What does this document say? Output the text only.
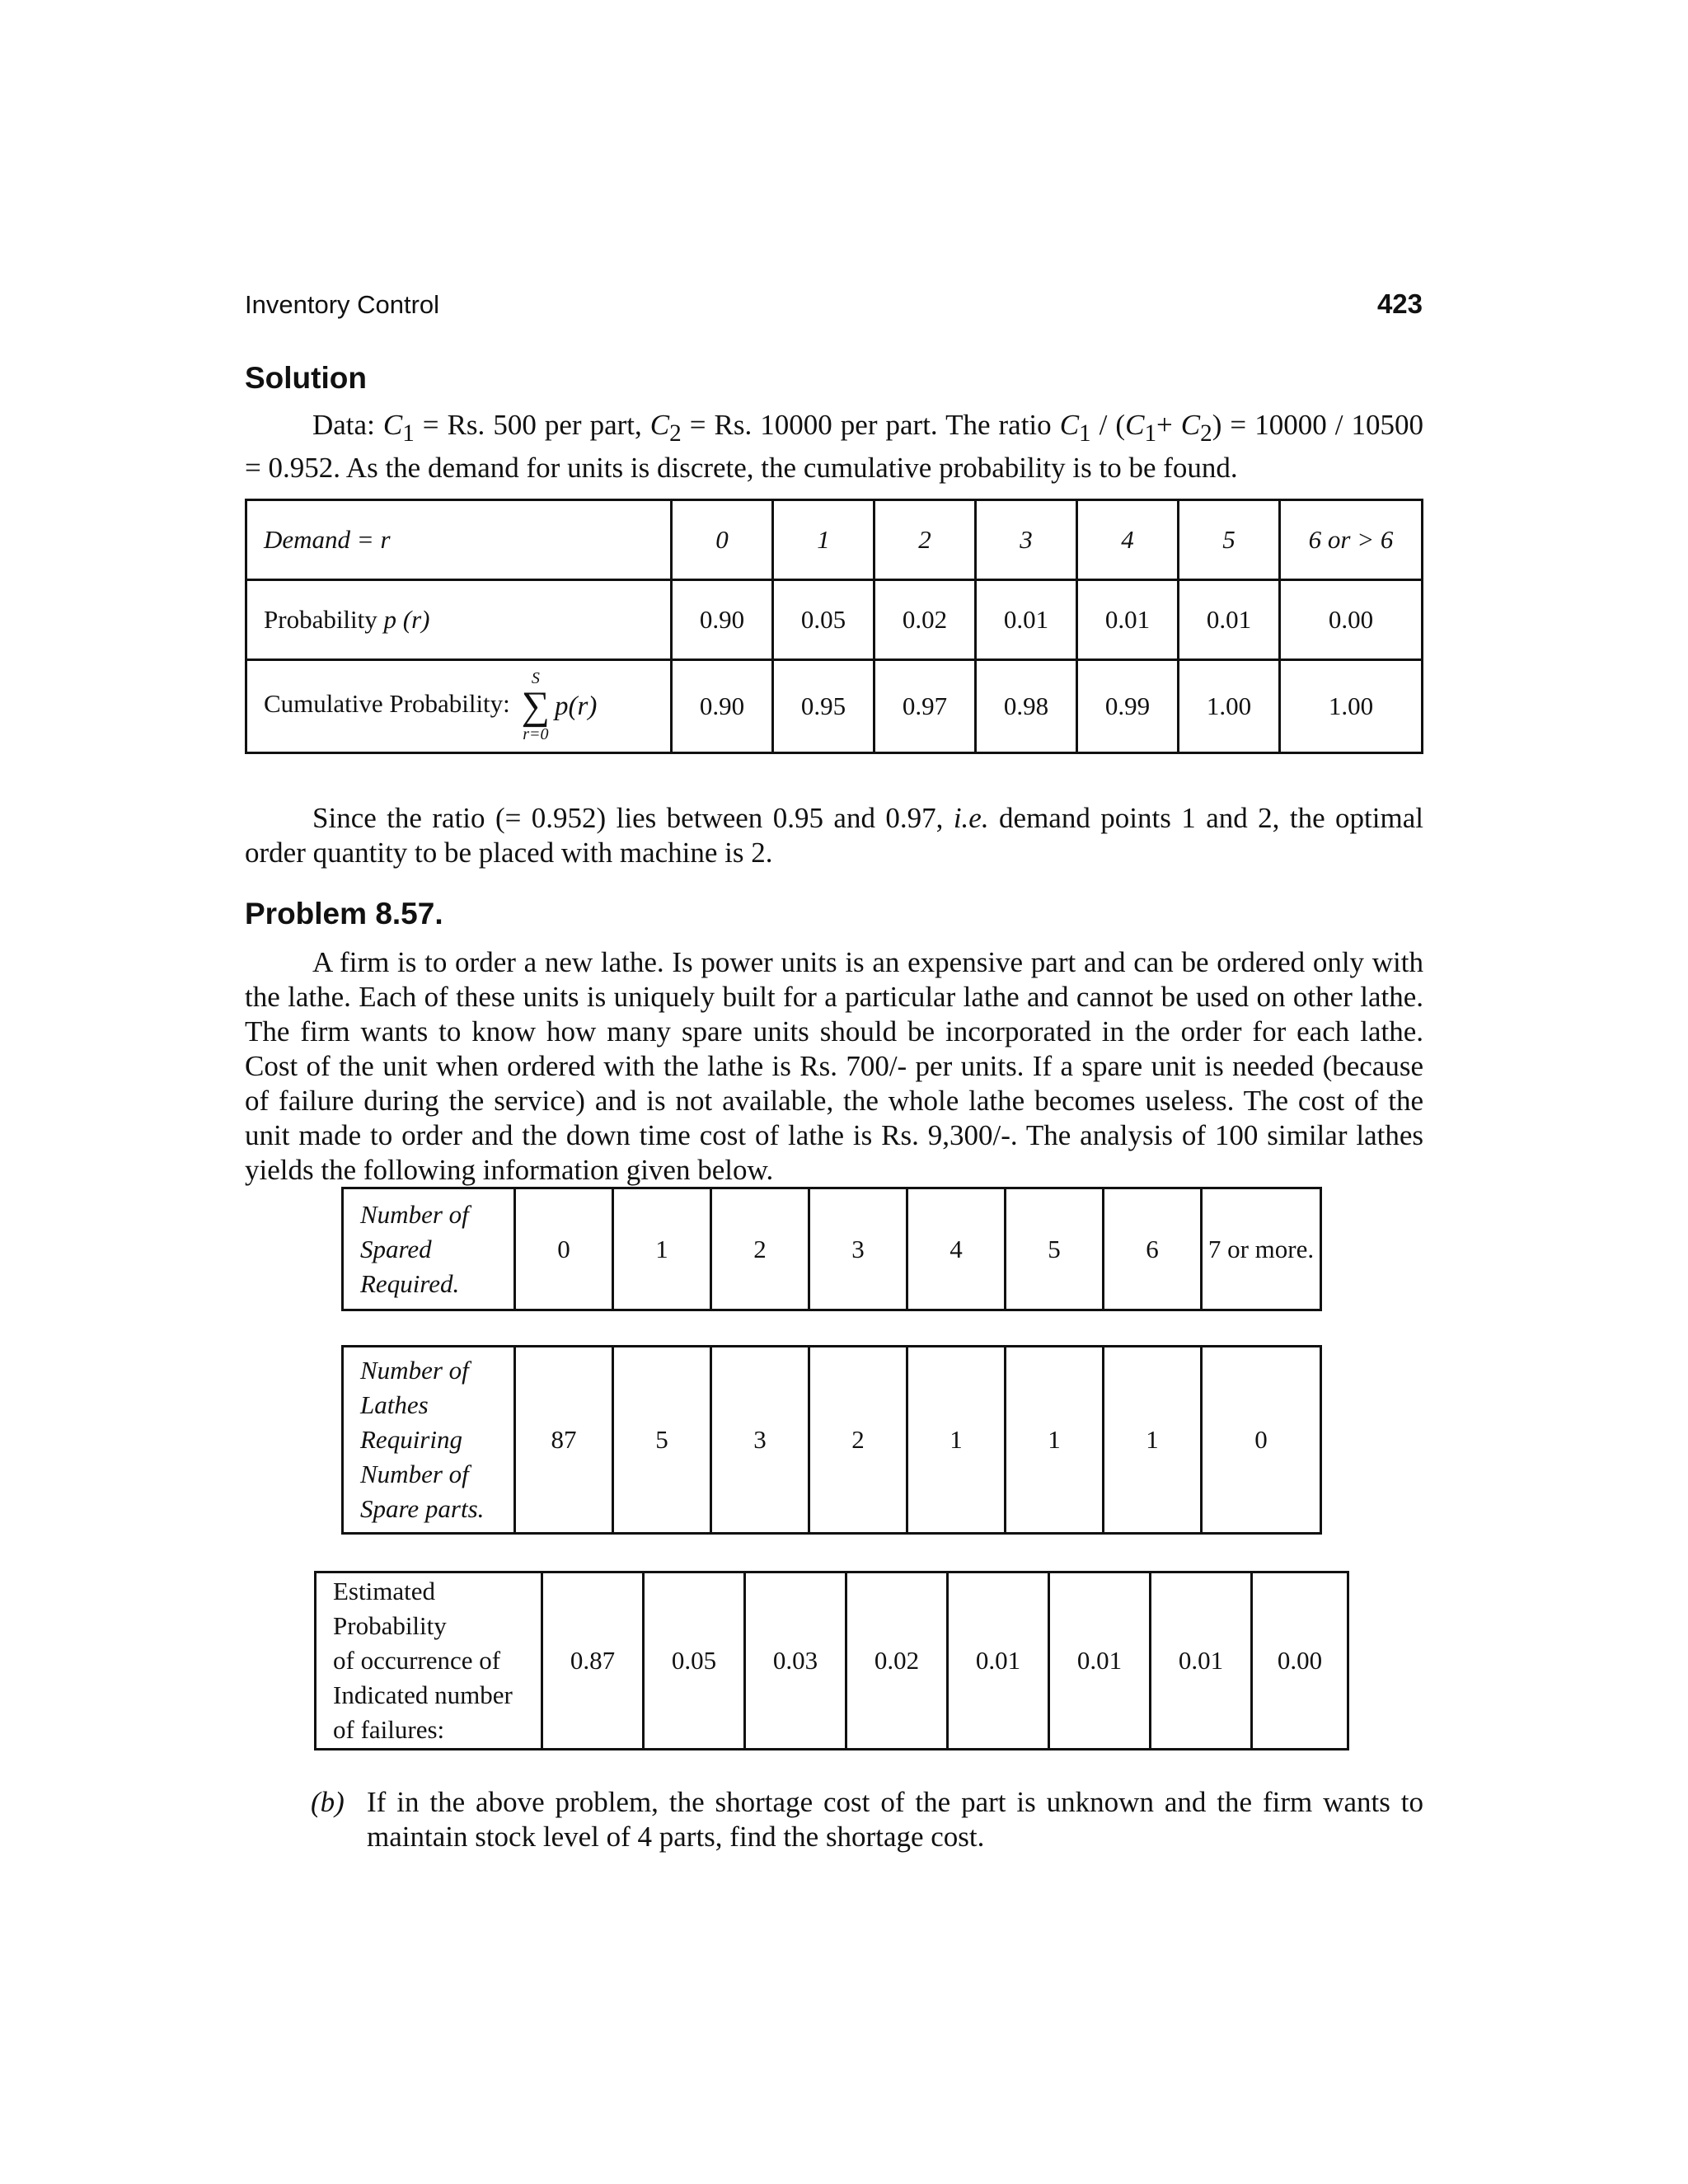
Inventory Control	423
Solution
Data: $C_1 = Rs$. 500 per part, $C_2 = Rs$. 10000 per part. The ratio $C_1 / (C_1+ C_2) = 10000 / 10500 = 0.952$. As the demand for units is discrete, the cumulative probability is to be found.
Demand = r	0	1	2	3	4	5	6 or > 6
Probability p (r)	0.90	0.05	0.02	0.01	0.01	0.01	0.00
Cumulative Probability:
S
∑
r=0
p(r)	0.90	0.95	0.97	0.98	0.99	1.00	1.00
Since the ratio (= 0.952) lies between 0.95 and 0.97, i.e. demand points 1 and 2, the optimal order quantity to be placed with machine is 2.
Problem 8.57.
A firm is to order a new lathe. Is power units is an expensive part and can be ordered only with the lathe. Each of these units is uniquely built for a particular lathe and cannot be used on other lathe. The firm wants to know how many spare units should be incorporated in the order for each lathe. Cost of the unit when ordered with the lathe is Rs. 700/- per units. If a spare unit is needed (because of failure during the service) and is not available, the whole lathe becomes useless. The cost of the unit made to order and the down time cost of lathe is Rs. 9,300/-. The analysis of 100 similar lathes yields the following information given below.
Number of
Spared
Required.	0	1	2	3	4	5	6	7 or more.
Number of
Lathes
Requiring
Number of
Spare parts.	87	5	3	2	1	1	1	0
Estimated
Probability
of occurrence of
Indicated number
of failures:	0.87	0.05	0.03	0.02	0.01	0.01	0.01	0.00
(b) If in the above problem, the shortage cost of the part is unknown and the firm wants to maintain stock level of 4 parts, find the shortage cost.
